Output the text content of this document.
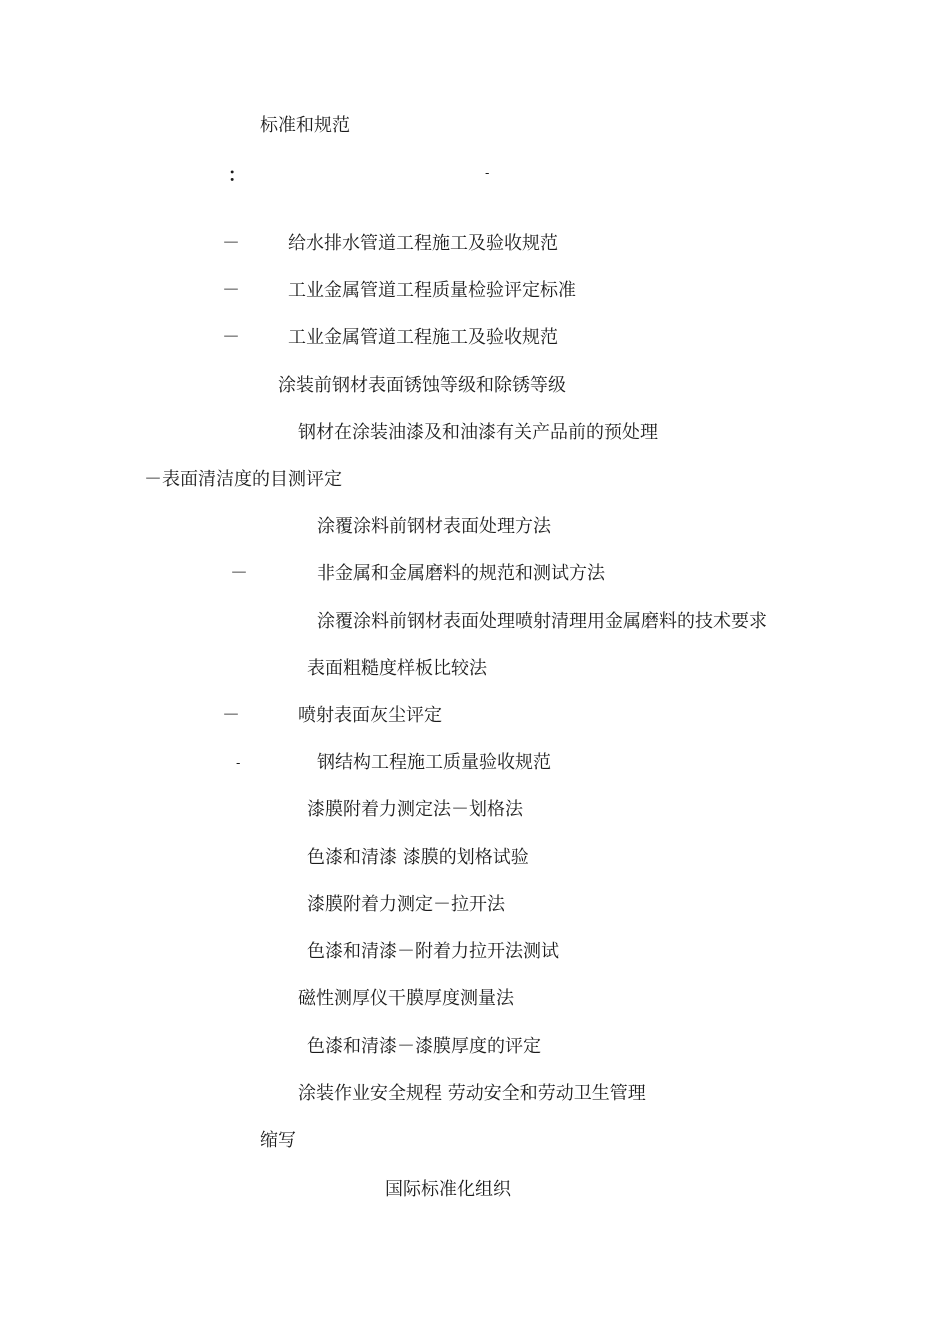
标准和规范
：	-
－	给水排水管道工程施工及验收规范
－	工业金属管道工程质量检验评定标准
－	工业金属管道工程施工及验收规范
涂装前钢材表面锈蚀等级和除锈等级
钢材在涂装油漆及和油漆有关产品前的预处理
－表面清洁度的目测评定
涂覆涂料前钢材表面处理方法
－	非金属和金属磨料的规范和测试方法
涂覆涂料前钢材表面处理喷射清理用金属磨料的技术要求
表面粗糙度样板比较法
－	喷射表面灰尘评定
-	钢结构工程施工质量验收规范
漆膜附着力测定法－划格法
色漆和清漆 漆膜的划格试验
漆膜附着力测定－拉开法
色漆和清漆－附着力拉开法测试
磁性测厚仪干膜厚度测量法
色漆和清漆－漆膜厚度的评定
涂装作业安全规程 劳动安全和劳动卫生管理
缩写
国际标准化组织
